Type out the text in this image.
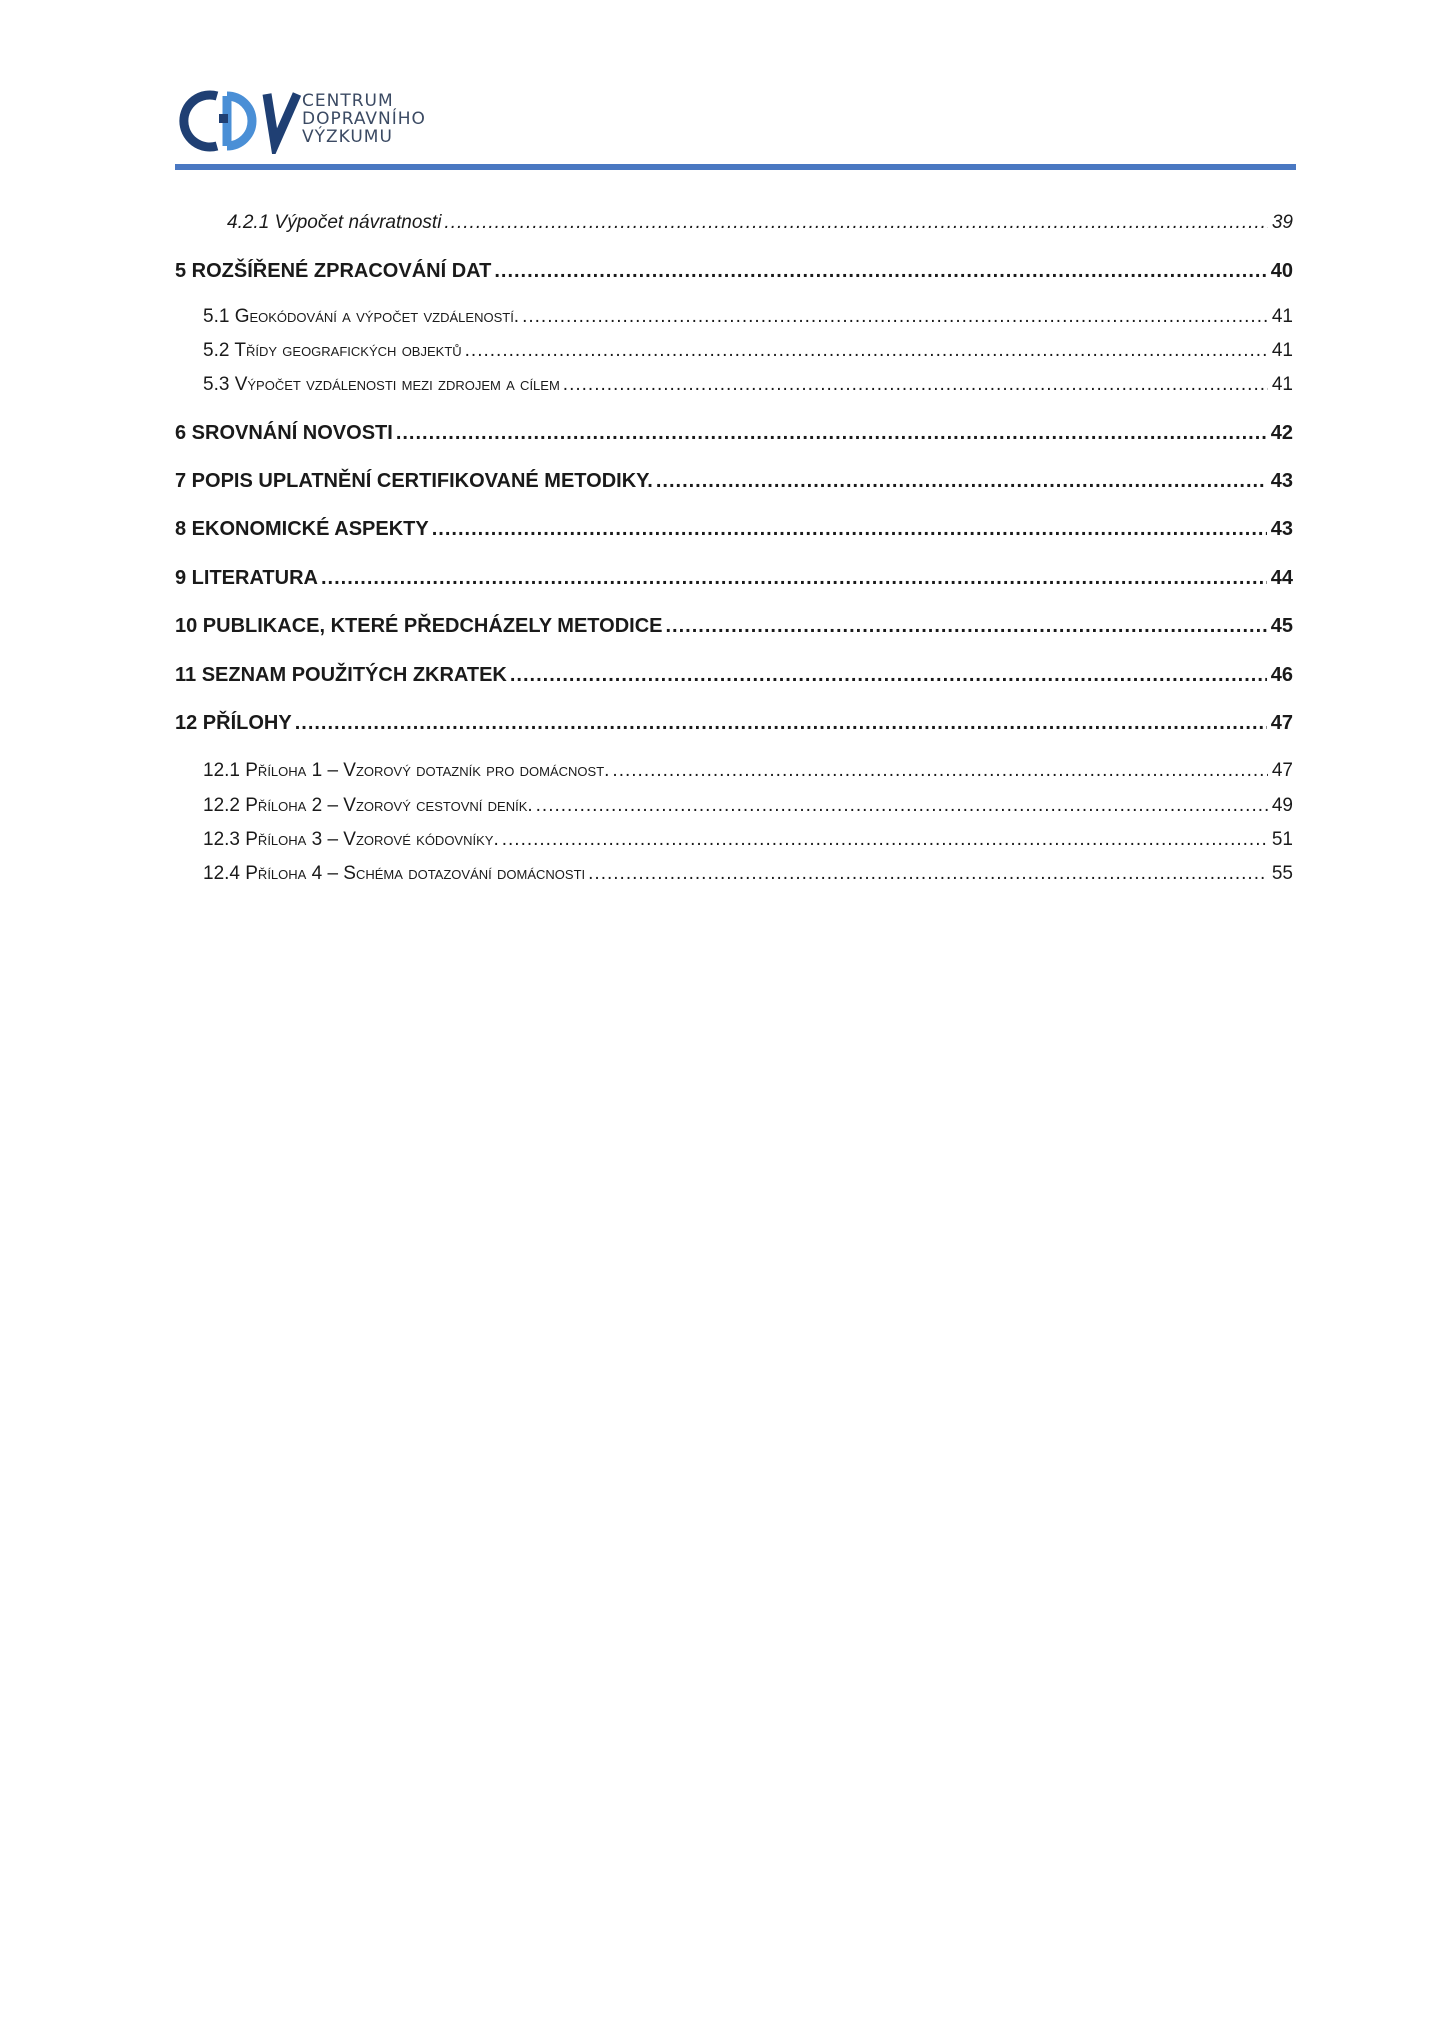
CENTRUM
DOPRAVNÍHO
VÝZKUMU
4.2.1 Výpočet návratnosti .....	39
5 ROZŠÍŘENÉ ZPRACOVÁNÍ DAT .....	40
5.1 Geokódování a výpočet vzdáleností. .....	41
5.2 Třídy geografických objektů .....	41
5.3 Výpočet vzdálenosti mezi zdrojem a cílem .....	41
6 SROVNÁNÍ NOVOSTI .....	42
7 POPIS UPLATNĚNÍ CERTIFIKOVANÉ METODIKY. .....	43
8 EKONOMICKÉ ASPEKTY .....	43
9 LITERATURA .....	44
10 PUBLIKACE, KTERÉ PŘEDCHÁZELY METODICE .....	45
11 SEZNAM POUŽITÝCH ZKRATEK .....	46
12 PŘÍLOHY .....	47
12.1 Příloha 1 – Vzorový dotazník pro domácnost. .....	47
12.2 Příloha 2 – Vzorový cestovní deník. .....	49
12.3 Příloha 3 – Vzorové kódovníky. .....	51
12.4 Příloha 4 – Schéma dotazování domácnosti .....	55
